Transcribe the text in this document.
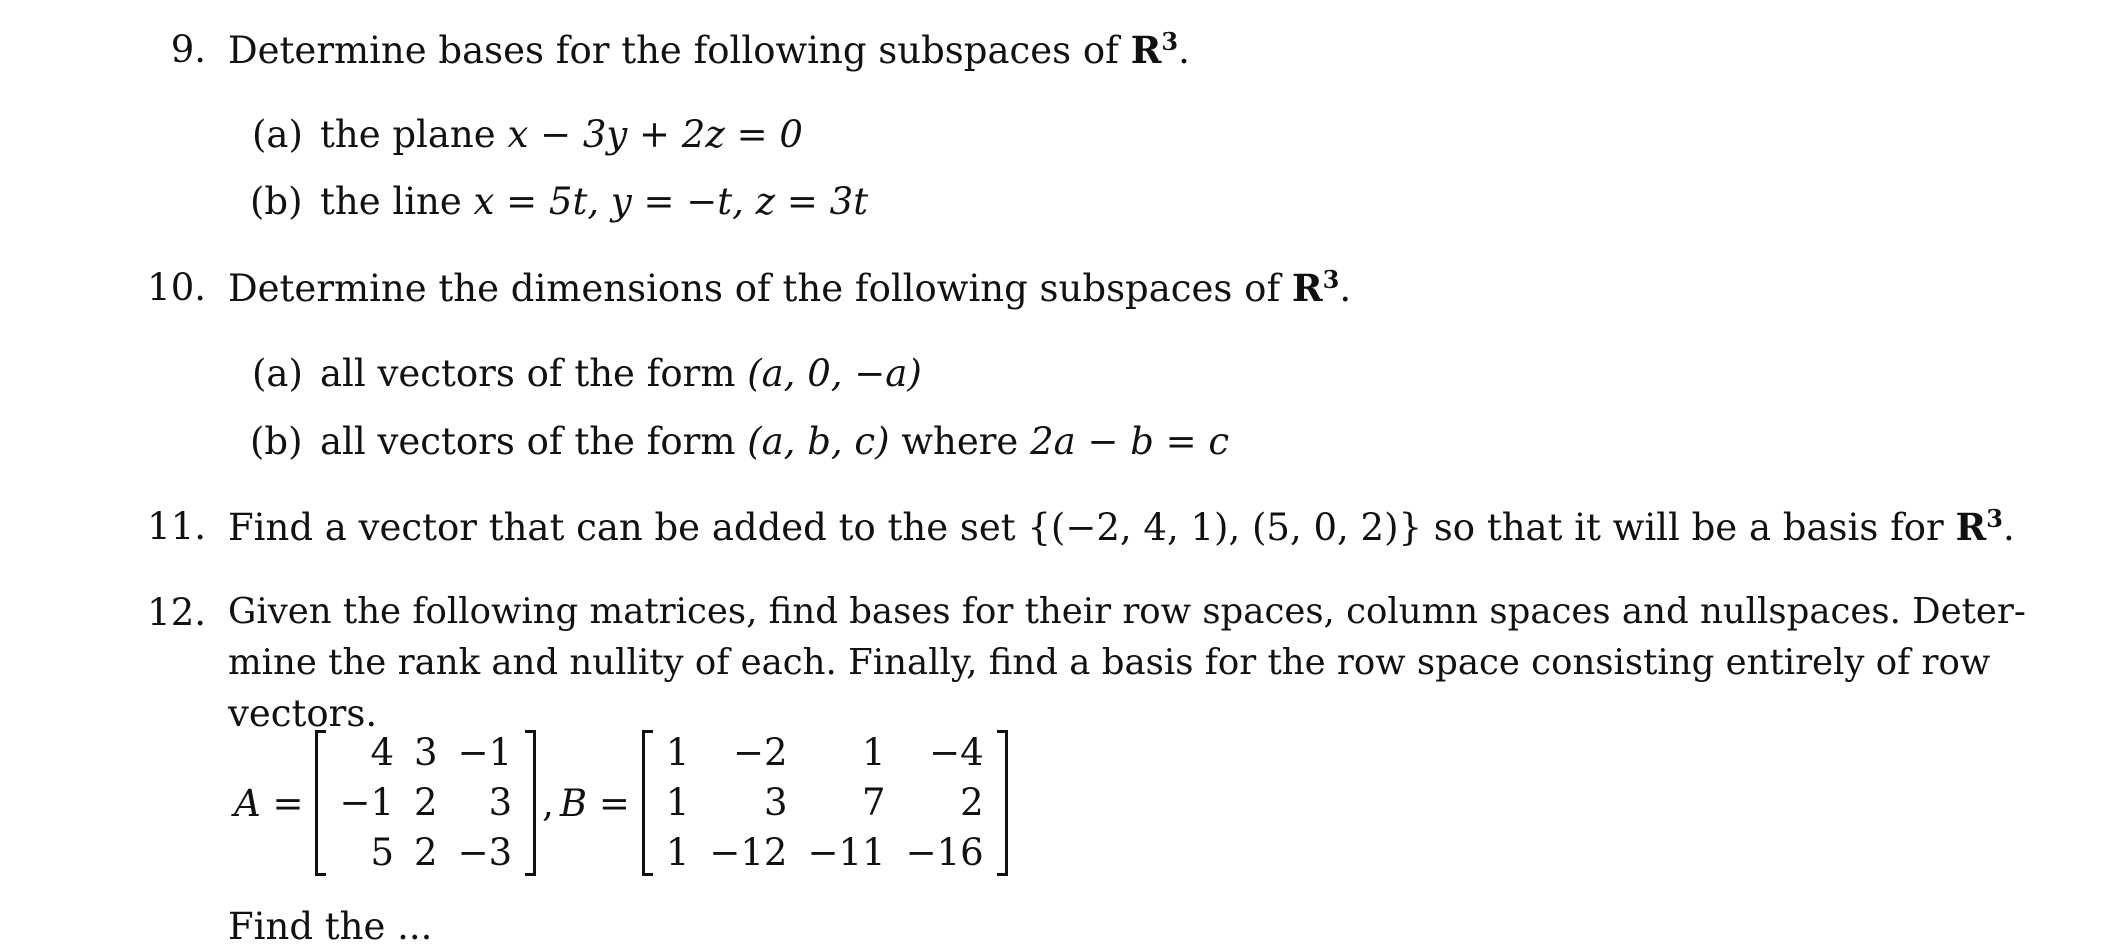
9. Determine bases for the following subspaces of $R^3$.
(a) the plane x − 3y + 2z = 0
(b) the line x = 5t, y = −t, z = 3t
10. Determine the dimensions of the following subspaces of $R^3$.
(a) all vectors of the form (a, 0, −a)
(b) all vectors of the form (a, b, c) where 2a − b = c
11. Find a vector that can be added to the set {(−2, 4, 1), (5, 0, 2)} so that it will be a basis for $R^3$.
12. Given the following matrices, find bases for their row spaces, column spaces and nullspaces. Deter-
mine the rank and nullity of each. Finally, find a basis for the row space consisting entirely of row
vectors.
A =
4	3	−1
−1	2	3
5	2	−3
, B =
1	−2	1	−4
1	3	7	2
1	−12	−11	−16
Find the ...
